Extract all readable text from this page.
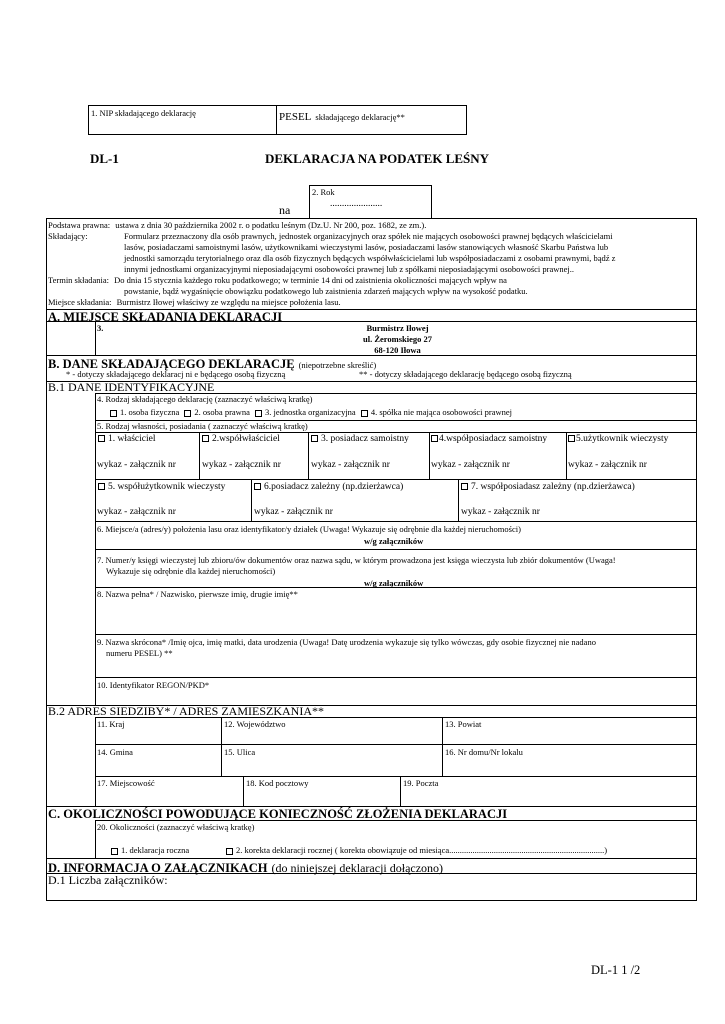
1. NIP składającego deklarację	PESEL składającego deklarację**
DL-1	DEKLARACJA NA PODATEK LEŚNY
2. Rok
......................
na
Podstawa prawna: ustawa z dnia 30 października 2002 r. o podatku leśnym (Dz.U. Nr 200, poz. 1682, ze zm.).
Składający:	Formularz przeznaczony dla osób prawnych, jednostek organizacyjnych oraz spółek nie mających osobowości prawnej będących właścicielami
lasów, posiadaczami samoistnymi lasów, użytkownikami wieczystymi lasów, posiadaczami lasów stanowiących własność Skarbu Państwa lub
jednostki samorządu terytorialnego oraz dla osób fizycznych będących współwłaścicielami lub współposiadaczami z osobami prawnymi, bądź z
innymi jednostkami organizacyjnymi nieposiadającymi osobowości prawnej lub z spółkami nieposiadającymi osobowości prawnej..
Termin składania: Do dnia 15 stycznia każdego roku podatkowego; w terminie 14 dni od zaistnienia okoliczności mających wpływ na
powstanie, bądź wygaśnięcie obowiązku podatkowego lub zaistnienia zdarzeń mających wpływ na wysokość podatku.
Miejsce składania: Burmistrz Iłowej właściwy ze względu na miejsce położenia lasu.
A. MIEJSCE SKŁADANIA DEKLARACJI
3.	Burmistrz Iłowej
ul. Żeromskiego 27
68-120 Iłowa
B. DANE SKŁADAJĄCEGO DEKLARACJĘ (niepotrzebne skreślić)
* - dotyczy składającego deklaracj ni e będącego osobą fizyczną	** - dotyczy składającego deklarację będącego osobą fizyczną
B.1 DANE IDENTYFIKACYJNE
4. Rodzaj składającego deklarację (zaznaczyć właściwą kratkę)
1. osoba fizyczna 2. osoba prawna 3. jednostka organizacyjna 4. spółka nie mająca osobowości prawnej
5. Rodzaj własności, posiadania ( zaznaczyć właściwą kratkę)
1. właściciel	2.współwłaściciel	3. posiadacz samoistny	4.współposiadacz samoistny	5.użytkownik wieczysty
wykaz - załącznik nr	wykaz - załącznik nr	wykaz - załącznik nr	wykaz - załącznik nr	wykaz - załącznik nr
5. współużytkownik wieczysty	6.posiadacz zależny (np.dzierżawca)	7. współposiadasz zależny (np.dzierżawca)
wykaz - załącznik nr	wykaz - załącznik nr	wykaz - załącznik nr
6. Miejsce/a (adres/y) położenia lasu oraz identyfikator/y działek (Uwaga! Wykazuje się odrębnie dla każdej nieruchomości)
w/g załączników
7. Numer/y księgi wieczystej lub zbioru/ów dokumentów oraz nazwa sądu, w którym prowadzona jest księga wieczysta lub zbiór dokumentów (Uwaga!
Wykazuje się odrębnie dla każdej nieruchomości)
w/g załączników
8. Nazwa pełna* / Nazwisko, pierwsze imię, drugie imię**
9. Nazwa skrócona* /Imię ojca, imię matki, data urodzenia (Uwaga! Datę urodzenia wykazuje się tylko wówczas, gdy osobie fizycznej nie nadano
numeru PESEL) **
10. Identyfikator REGON/PKD*
B.2 ADRES SIEDZIBY* / ADRES ZAMIESZKANIA**
11. Kraj	12. Województwo	13. Powiat
14. Gmina	15. Ulica	16. Nr domu/Nr lokalu
17. Miejscowość	18. Kod pocztowy	19. Poczta
C. OKOLICZNOŚCI POWODUJĄCE KONIECZNOŚĆ ZŁOŻENIA DEKLARACJI
20. Okoliczności (zaznaczyć właściwą kratkę)
1. deklaracja roczna	2. korekta deklaracji rocznej ( korekta obowiązuje od miesiąca.........................................................................)
D. INFORMACJA O ZAŁĄCZNIKACH (do niniejszej deklaracji dołączono)
D.1 Liczba załączników:
DL-1 1 /2
